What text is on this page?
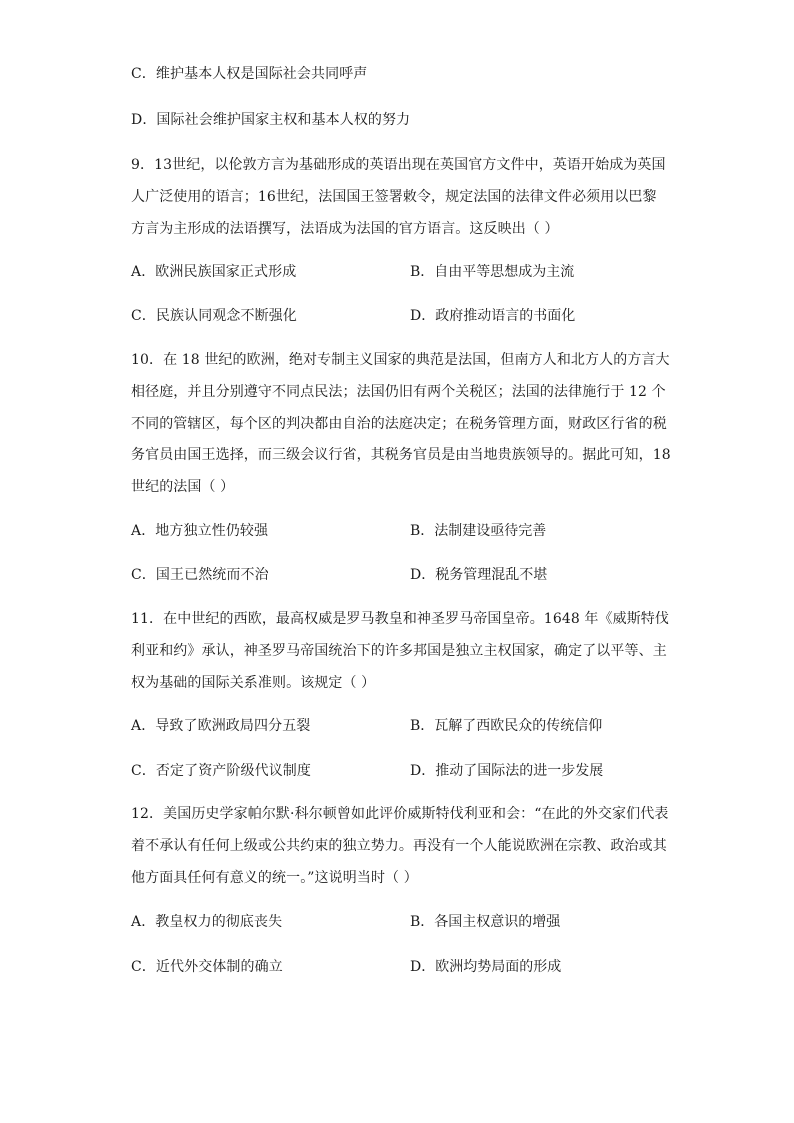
C．维护基本人权是国际社会共同呼声
D．国际社会维护国家主权和基本人权的努力
9．13世纪，以伦敦方言为基础形成的英语出现在英国官方文件中，英语开始成为英国
人广泛使用的语言；16世纪，法国国王签署敕令，规定法国的法律文件必须用以巴黎
方言为主形成的法语撰写，法语成为法国的官方语言。这反映出（ ）
A．欧洲民族国家正式形成	B．自由平等思想成为主流
C．民族认同观念不断强化	D．政府推动语言的书面化
10．在 18 世纪的欧洲，绝对专制主义国家的典范是法国，但南方人和北方人的方言大
相径庭，并且分别遵守不同点民法；法国仍旧有两个关税区；法国的法律施行于 12 个
不同的管辖区，每个区的判决都由自治的法庭决定；在税务管理方面，财政区行省的税
务官员由国王选择，而三级会议行省，其税务官员是由当地贵族领导的。据此可知，18
世纪的法国（ ）
A．地方独立性仍较强	B．法制建设亟待完善
C．国王已然统而不治	D．税务管理混乱不堪
11．在中世纪的西欧，最高权威是罗马教皇和神圣罗马帝国皇帝。1648 年《威斯特伐
利亚和约》承认，神圣罗马帝国统治下的许多邦国是独立主权国家，确定了以平等、主
权为基础的国际关系准则。该规定（ ）
A．导致了欧洲政局四分五裂	B．瓦解了西欧民众的传统信仰
C．否定了资产阶级代议制度	D．推动了国际法的进一步发展
12．美国历史学家帕尔默·科尔顿曾如此评价威斯特伐利亚和会：“在此的外交家们代表
着不承认有任何上级或公共约束的独立势力。再没有一个人能说欧洲在宗教、政治或其
他方面具任何有意义的统一。”这说明当时（ ）
A．教皇权力的彻底丧失	B．各国主权意识的增强
C．近代外交体制的确立	D．欧洲均势局面的形成
